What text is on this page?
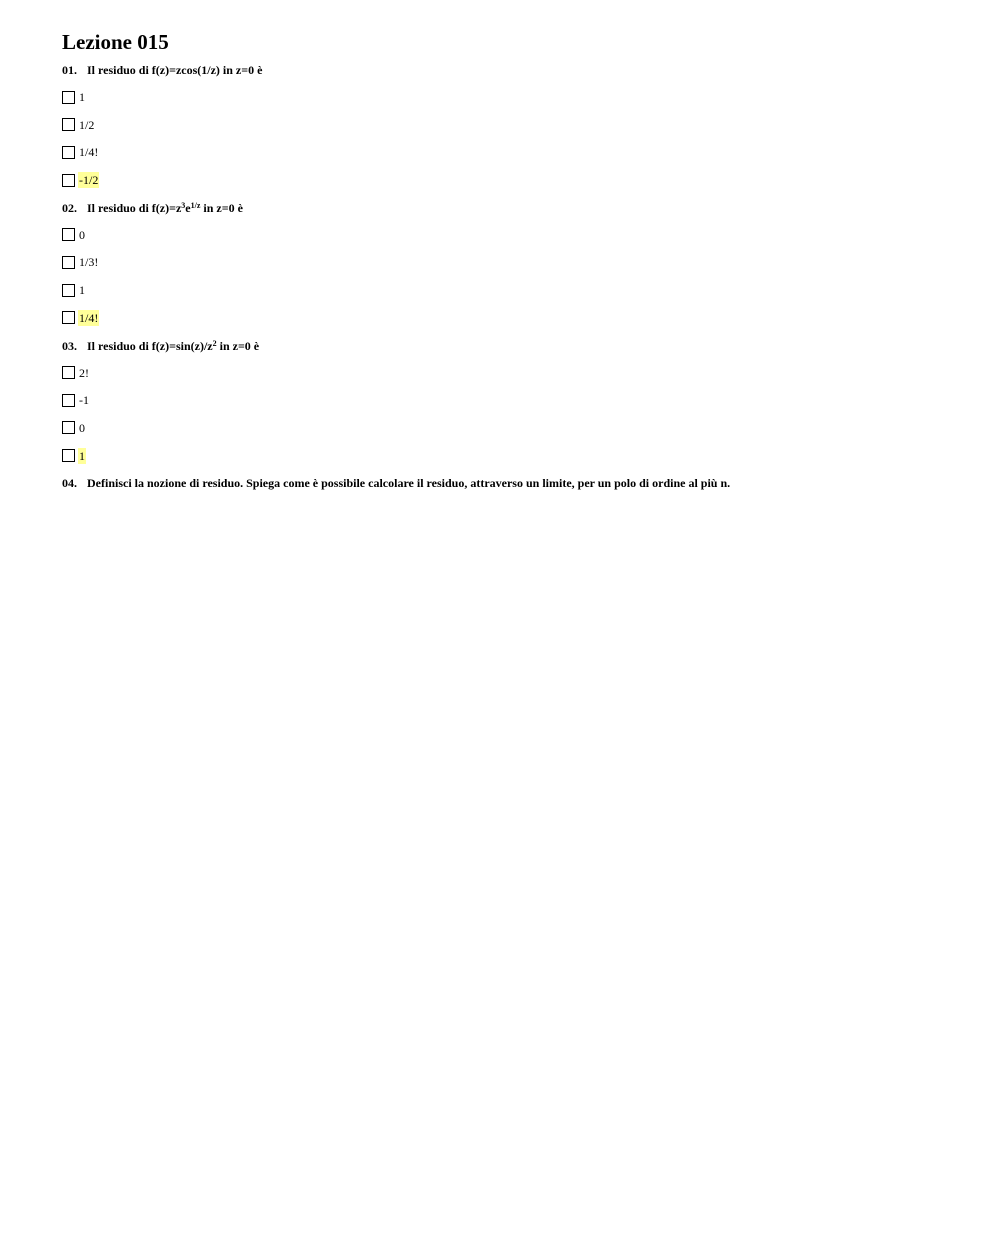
Lezione 015
01. Il residuo di f(z)=zcos(1/z) in z=0 è
1
1/2
1/4!
-1/2
02. Il residuo di $f(z)=z^3e^{1/z}$ in z=0 è
0
1/3!
1
1/4!
03. Il residuo di $f(z)=\sin(z)/z^2$ in z=0 è
2!
-1
0
1
04. Definisci la nozione di residuo. Spiega come è possibile calcolare il residuo, attraverso un limite, per un polo di ordine al più n.
